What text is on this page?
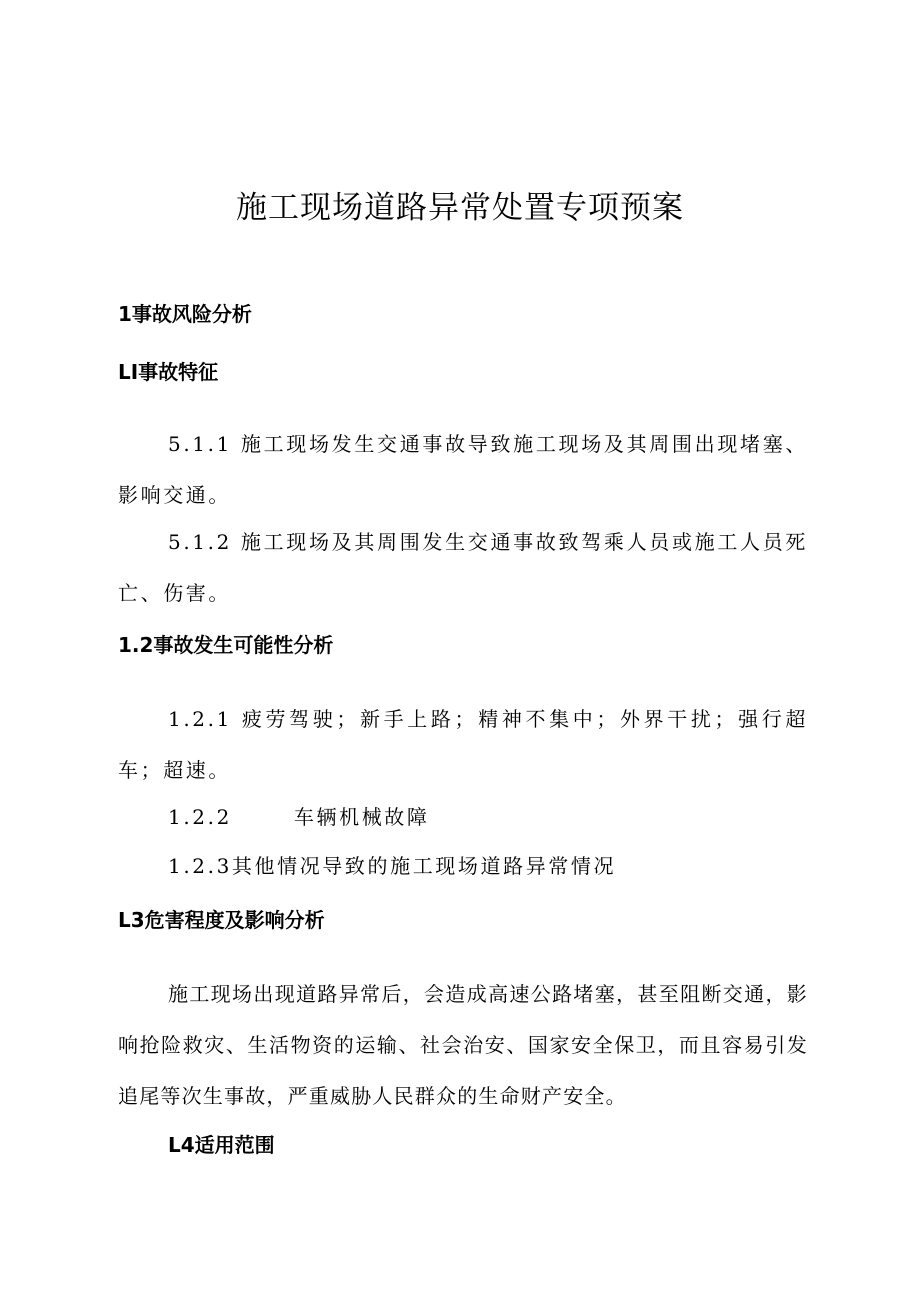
施工现场道路异常处置专项预案
1事故风险分析
LI事故特征

5.1.1 施工现场发生交通事故导致施工现场及其周围出现堵塞、影响交通。

5.1.2 施工现场及其周围发生交通事故致驾乘人员或施工人员死亡、伤害。

1.2事故发生可能性分析

1.2.1 疲劳驾驶；新手上路；精神不集中；外界干扰；强行超车；超速。

1.2.2	车辆机械故障
1.2.3其他情况导致的施工现场道路异常情况
L3危害程度及影响分析

施工现场出现道路异常后，会造成高速公路堵塞，甚至阻断交通，影响抢险救灾、生活物资的运输、社会治安、国家安全保卫，而且容易引发追尾等次生事故，严重威胁人民群众的生命财产安全。

L4适用范围
